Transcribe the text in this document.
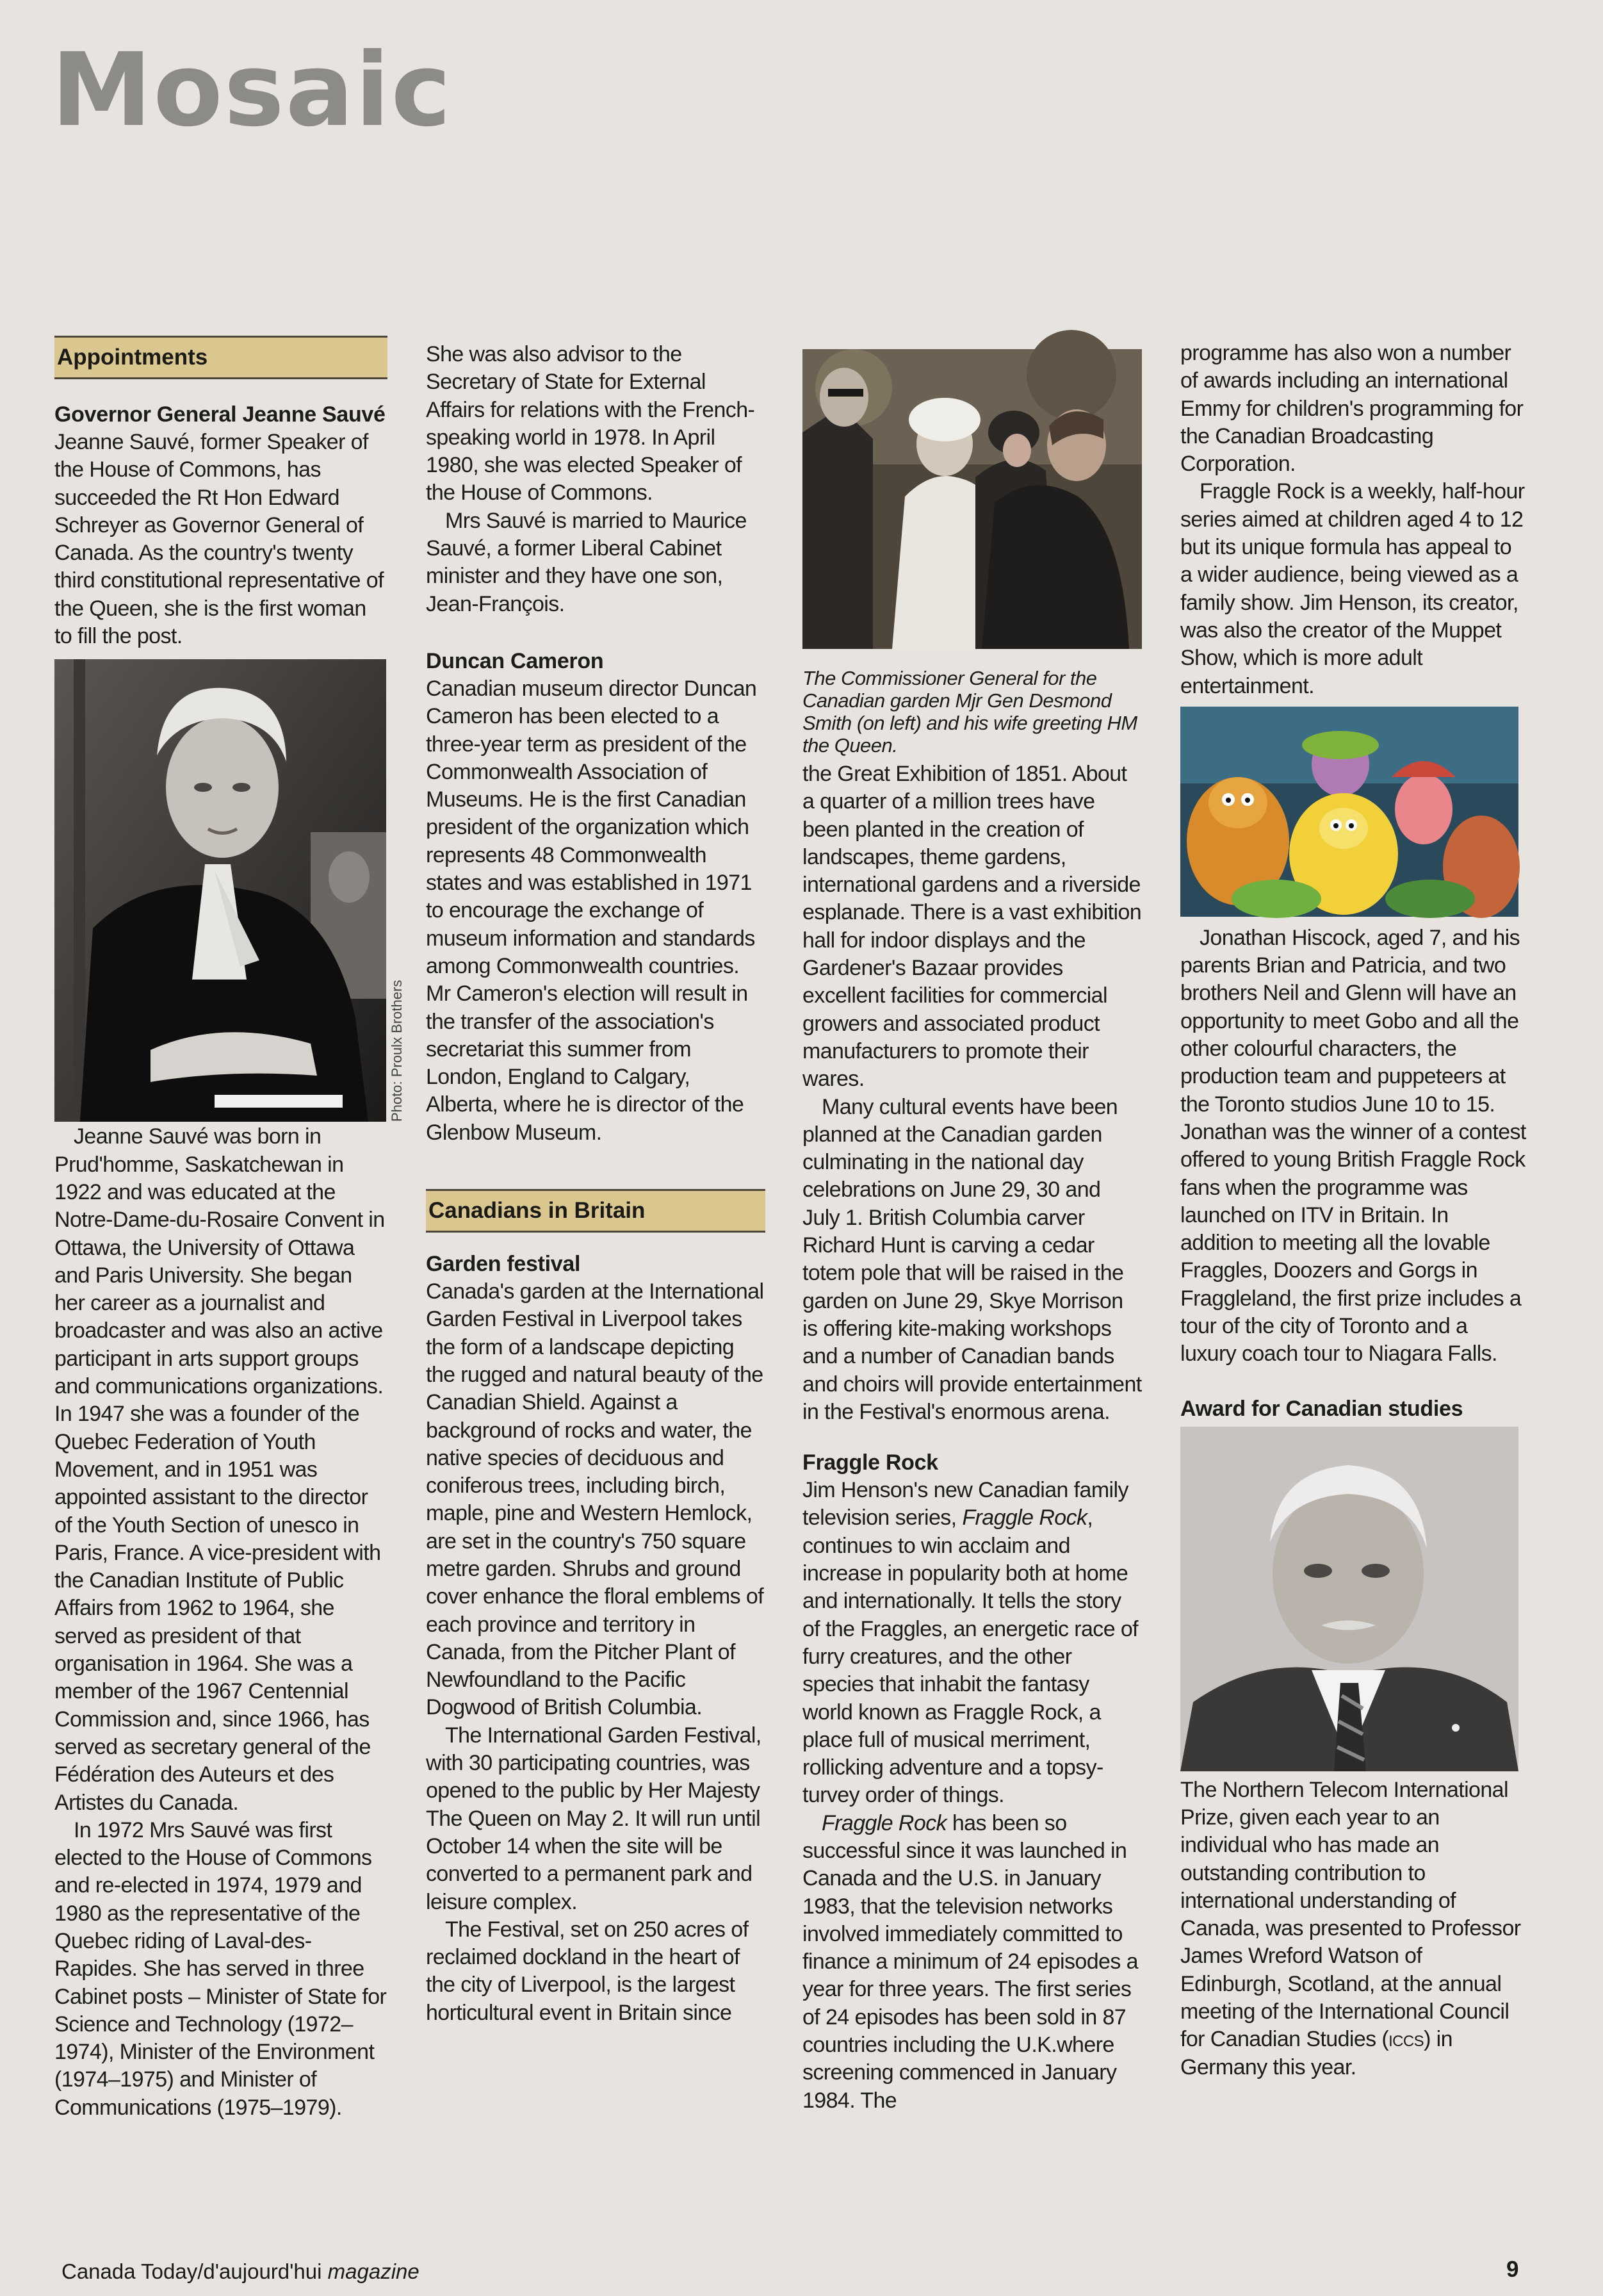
Mosaic
Appointments
Governor General Jeanne Sauvé

Jeanne Sauvé, former Speaker of the House of Commons, has succeeded the Rt Hon Edward Schreyer as Governor General of Canada. As the country's twenty third constitutional representative of the Queen, she is the first woman to fill the post.

Photo: Proulx Brothers

Jeanne Sauvé was born in Prud'homme, Saskatchewan in 1922 and was educated at the Notre-Dame-du-Rosaire Convent in Ottawa, the University of Ottawa and Paris University. She began her career as a journalist and broadcaster and was also an active participant in arts support groups and communications organizations. In 1947 she was a founder of the Quebec Federation of Youth Movement, and in 1951 was appointed assistant to the director of the Youth Section of unesco in Paris, France. A vice-president with the Canadian Institute of Public Affairs from 1962 to 1964, she served as president of that organisation in 1964. She was a member of the 1967 Centennial Commission and, since 1966, has served as secretary general of the Fédération des Auteurs et des Artistes du Canada.

In 1972 Mrs Sauvé was first elected to the House of Commons and re-elected in 1974, 1979 and 1980 as the representative of the Quebec riding of Laval-des- Rapides. She has served in three Cabinet posts – Minister of State for Science and Technology (1972–1974), Minister of the Environment (1974–1975) and Minister of Communications (1975–1979).

She was also advisor to the Secretary of State for External Affairs for relations with the French-speaking world in 1978. In April 1980, she was elected Speaker of the House of Commons.

Mrs Sauvé is married to Maurice Sauvé, a former Liberal Cabinet minister and they have one son, Jean-François.

Duncan Cameron

Canadian museum director Duncan Cameron has been elected to a three-year term as president of the Commonwealth Association of Museums. He is the first Canadian president of the organization which represents 48 Commonwealth states and was established in 1971 to encourage the exchange of museum information and standards among Commonwealth countries. Mr Cameron's election will result in the transfer of the association's secretariat this summer from London, England to Calgary, Alberta, where he is director of the Glenbow Museum.

Canadians in Britain
Garden festival

Canada's garden at the International Garden Festival in Liverpool takes the form of a landscape depicting the rugged and natural beauty of the Canadian Shield. Against a background of rocks and water, the native species of deciduous and coniferous trees, including birch, maple, pine and Western Hemlock, are set in the country's 750 square metre garden. Shrubs and ground cover enhance the floral emblems of each province and territory in Canada, from the Pitcher Plant of Newfoundland to the Pacific Dogwood of British Columbia.

The International Garden Festival, with 30 participating countries, was opened to the public by Her Majesty The Queen on May 2. It will run until October 14 when the site will be converted to a permanent park and leisure complex.

The Festival, set on 250 acres of reclaimed dockland in the heart of the city of Liverpool, is the largest horticultural event in Britain since

The Commissioner General for the Canadian garden Mjr Gen Desmond Smith (on left) and his wife greeting HM the Queen.

the Great Exhibition of 1851. About a quarter of a million trees have been planted in the creation of landscapes, theme gardens, international gardens and a riverside esplanade. There is a vast exhibition hall for indoor displays and the Gardener's Bazaar provides excellent facilities for commercial growers and associated product manufacturers to promote their wares.

Many cultural events have been planned at the Canadian garden culminating in the national day celebrations on June 29, 30 and July 1. British Columbia carver Richard Hunt is carving a cedar totem pole that will be raised in the garden on June 29, Skye Morrison is offering kite-making workshops and a number of Canadian bands and choirs will provide entertainment in the Festival's enormous arena.

Fraggle Rock

Jim Henson's new Canadian family television series, Fraggle Rock, continues to win acclaim and increase in popularity both at home and internationally. It tells the story of the Fraggles, an energetic race of furry creatures, and the other species that inhabit the fantasy world known as Fraggle Rock, a place full of musical merriment, rollicking adventure and a topsy-turvey order of things.

Fraggle Rock has been so successful since it was launched in Canada and the U.S. in January 1983, that the television networks involved immediately committed to finance a minimum of 24 episodes a year for three years. The first series of 24 episodes has been sold in 87 countries including the U.K.where screening commenced in January 1984. The

programme has also won a number of awards including an international Emmy for children's programming for the Canadian Broadcasting Corporation.

Fraggle Rock is a weekly, half-hour series aimed at children aged 4 to 12 but its unique formula has appeal to a wider audience, being viewed as a family show. Jim Henson, its creator, was also the creator of the Muppet Show, which is more adult entertainment.

Jonathan Hiscock, aged 7, and his parents Brian and Patricia, and two brothers Neil and Glenn will have an opportunity to meet Gobo and all the other colourful characters, the production team and puppeteers at the Toronto studios June 10 to 15. Jonathan was the winner of a contest offered to young British Fraggle Rock fans when the programme was launched on ITV in Britain. In addition to meeting all the lovable Fraggles, Doozers and Gorgs in Fraggleland, the first prize includes a tour of the city of Toronto and a luxury coach tour to Niagara Falls.

Award for Canadian studies

The Northern Telecom International Prize, given each year to an individual who has made an outstanding contribution to international understanding of Canada, was presented to Professor James Wreford Watson of Edinburgh, Scotland, at the annual meeting of the International Council for Canadian Studies (iccs) in Germany this year.

Canada Today/d'aujourd'hui magazine	9
